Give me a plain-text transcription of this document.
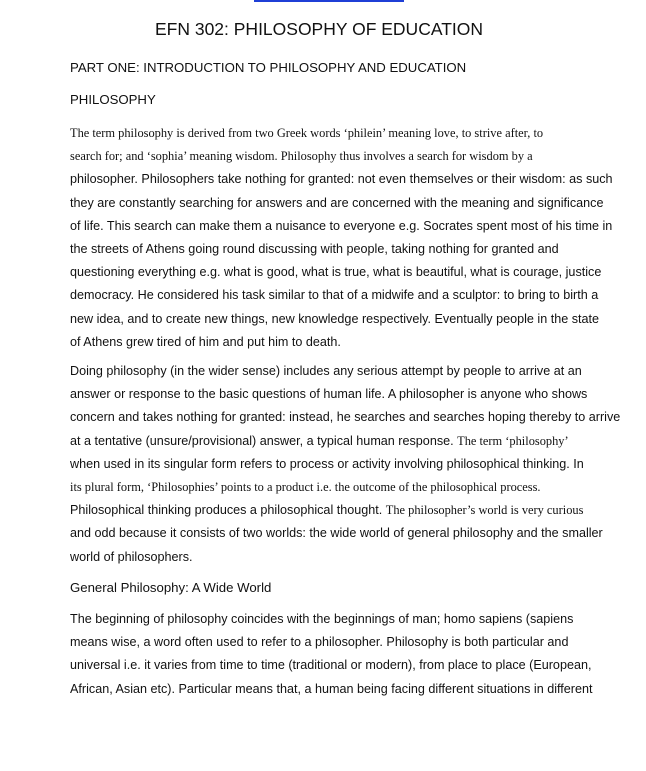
EFN 302: PHILOSOPHY OF EDUCATION
PART ONE: INTRODUCTION TO PHILOSOPHY AND EDUCATION
PHILOSOPHY
The term philosophy is derived from two Greek words ‘philein’ meaning love, to strive after, to
search for; and ‘sophia’ meaning wisdom. Philosophy thus involves a search for wisdom by a
philosopher. Philosophers take nothing for granted: not even themselves or their wisdom: as such
they are constantly searching for answers and are concerned with the meaning and significance
of life. This search can make them a nuisance to everyone e.g. Socrates spent most of his time in
the streets of Athens going round discussing with people, taking nothing for granted and
questioning everything e.g. what is good, what is true, what is beautiful, what is courage, justice
democracy. He considered his task similar to that of a midwife and a sculptor: to bring to birth a
new idea, and to create new things, new knowledge respectively. Eventually people in the state
of Athens grew tired of him and put him to death.
Doing philosophy (in the wider sense) includes any serious attempt by people to arrive at an
answer or response to the basic questions of human life. A philosopher is anyone who shows
concern and takes nothing for granted: instead, he searches and searches hoping thereby to arrive
at a tentative (unsure/provisional) answer, a typical human response. The term ‘philosophy’
when used in its singular form refers to process or activity involving philosophical thinking. In
its plural form, ‘Philosophies’ points to a product i.e. the outcome of the philosophical process.
Philosophical thinking produces a philosophical thought. The philosopher’s world is very curious
and odd because it consists of two worlds: the wide world of general philosophy and the smaller
world of philosophers.
General Philosophy: A Wide World
The beginning of philosophy coincides with the beginnings of man; homo sapiens (sapiens
means wise, a word often used to refer to a philosopher. Philosophy is both particular and
universal i.e. it varies from time to time (traditional or modern), from place to place (European,
African, Asian etc). Particular means that, a human being facing different situations in different
